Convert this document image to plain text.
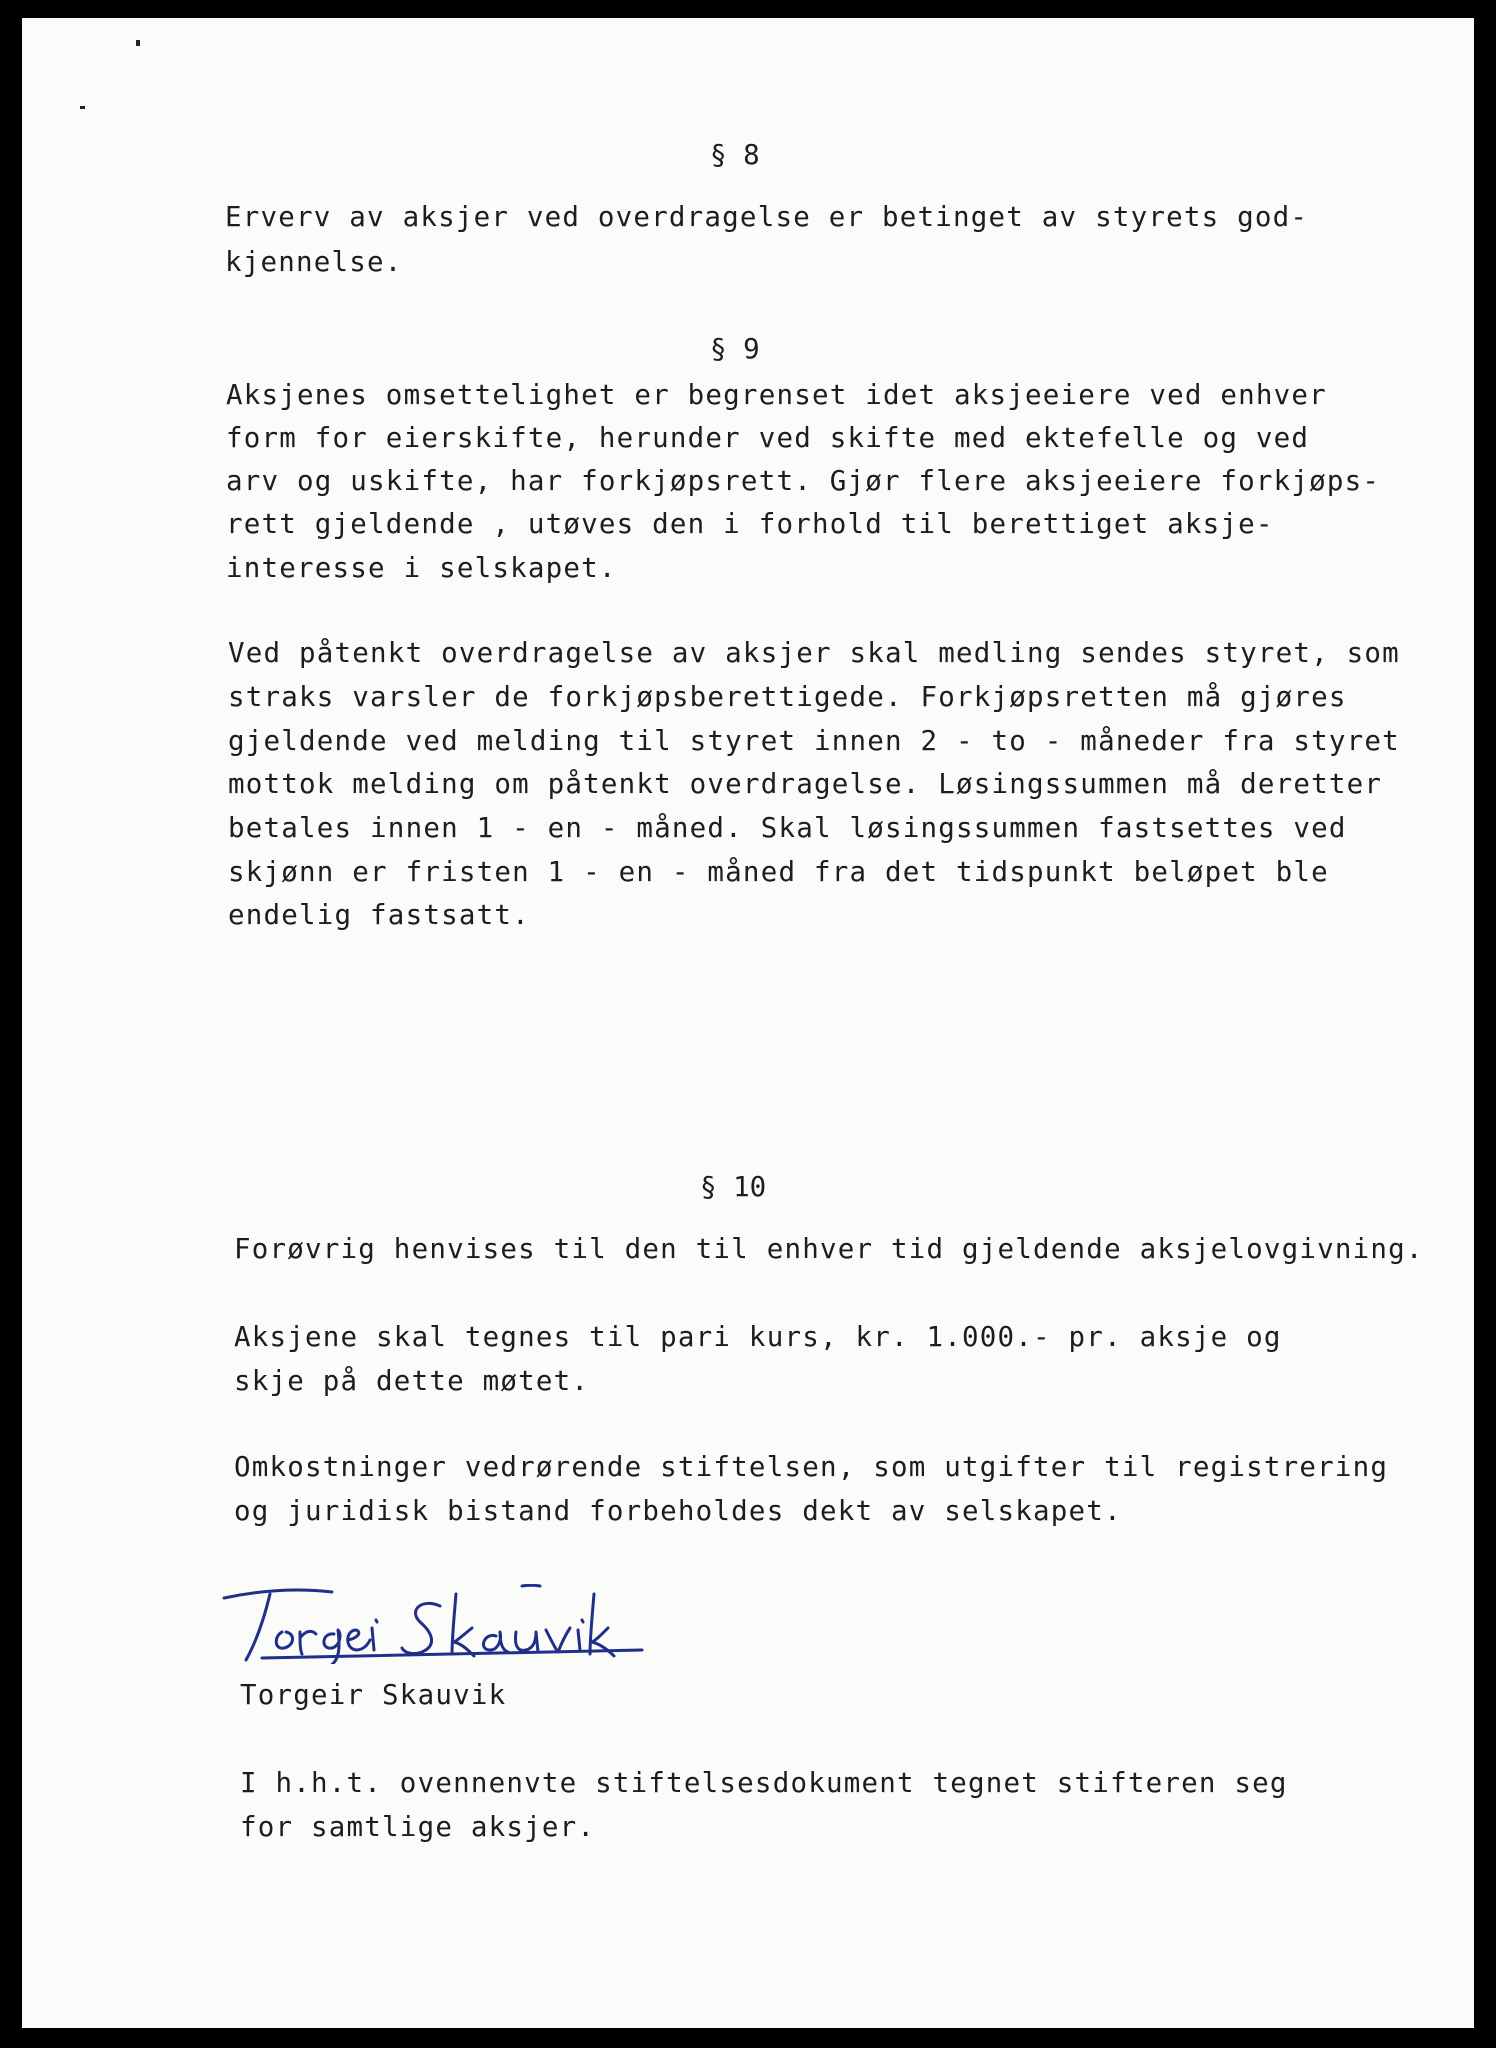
§ 8
Erverv av aksjer ved overdragelse er betinget av styrets god-
kjennelse.
§ 9
Aksjenes omsettelighet er begrenset idet aksjeeiere ved enhver
form for eierskifte, herunder ved skifte med ektefelle og ved
arv og uskifte, har forkjøpsrett. Gjør flere aksjeeiere forkjøps-
rett gjeldende , utøves den i forhold til berettiget aksje-
interesse i selskapet.
Ved påtenkt overdragelse av aksjer skal medling sendes styret, som
straks varsler de forkjøpsberettigede. Forkjøpsretten må gjøres
gjeldende ved melding til styret innen 2 - to - måneder fra styret
mottok melding om påtenkt overdragelse. Løsingssummen må deretter
betales innen 1 - en - måned. Skal løsingssummen fastsettes ved
skjønn er fristen 1 - en - måned fra det tidspunkt beløpet ble
endelig fastsatt.
§ 10
Forøvrig henvises til den til enhver tid gjeldende aksjelovgivning.
Aksjene skal tegnes til pari kurs, kr. 1.000.- pr. aksje og
skje på dette møtet.
Omkostninger vedrørende stiftelsen, som utgifter til registrering
og juridisk bistand forbeholdes dekt av selskapet.
Torgeir Skauvik
I h.h.t. ovennenvte stiftelsesdokument tegnet stifteren seg
for samtlige aksjer.
